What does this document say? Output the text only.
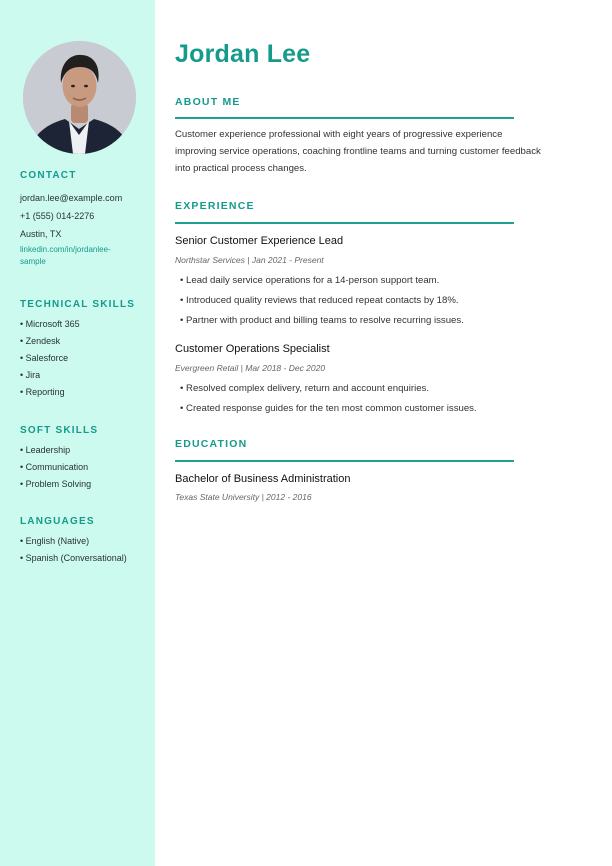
CONTACT
jordan.lee@example.com
+1 (555) 014-2276
Austin, TX
linkedin.com/in/jordanlee-
sample
TECHNICAL SKILLS
• Microsoft 365
• Zendesk
• Salesforce
• Jira
• Reporting
SOFT SKILLS
• Leadership
• Communication
• Problem Solving
LANGUAGES
• English (Native)
• Spanish (Conversational)
Jordan Lee
ABOUT ME
Customer experience professional with eight years of progressive experience
improving service operations, coaching frontline teams and turning customer feedback
into practical process changes.
EXPERIENCE
Senior Customer Experience Lead
Northstar Services | Jan 2021 - Present
• Lead daily service operations for a 14-person support team.
• Introduced quality reviews that reduced repeat contacts by 18%.
• Partner with product and billing teams to resolve recurring issues.
Customer Operations Specialist
Evergreen Retail | Mar 2018 - Dec 2020
• Resolved complex delivery, return and account enquiries.
• Created response guides for the ten most common customer issues.
EDUCATION
Bachelor of Business Administration
Texas State University | 2012 - 2016
